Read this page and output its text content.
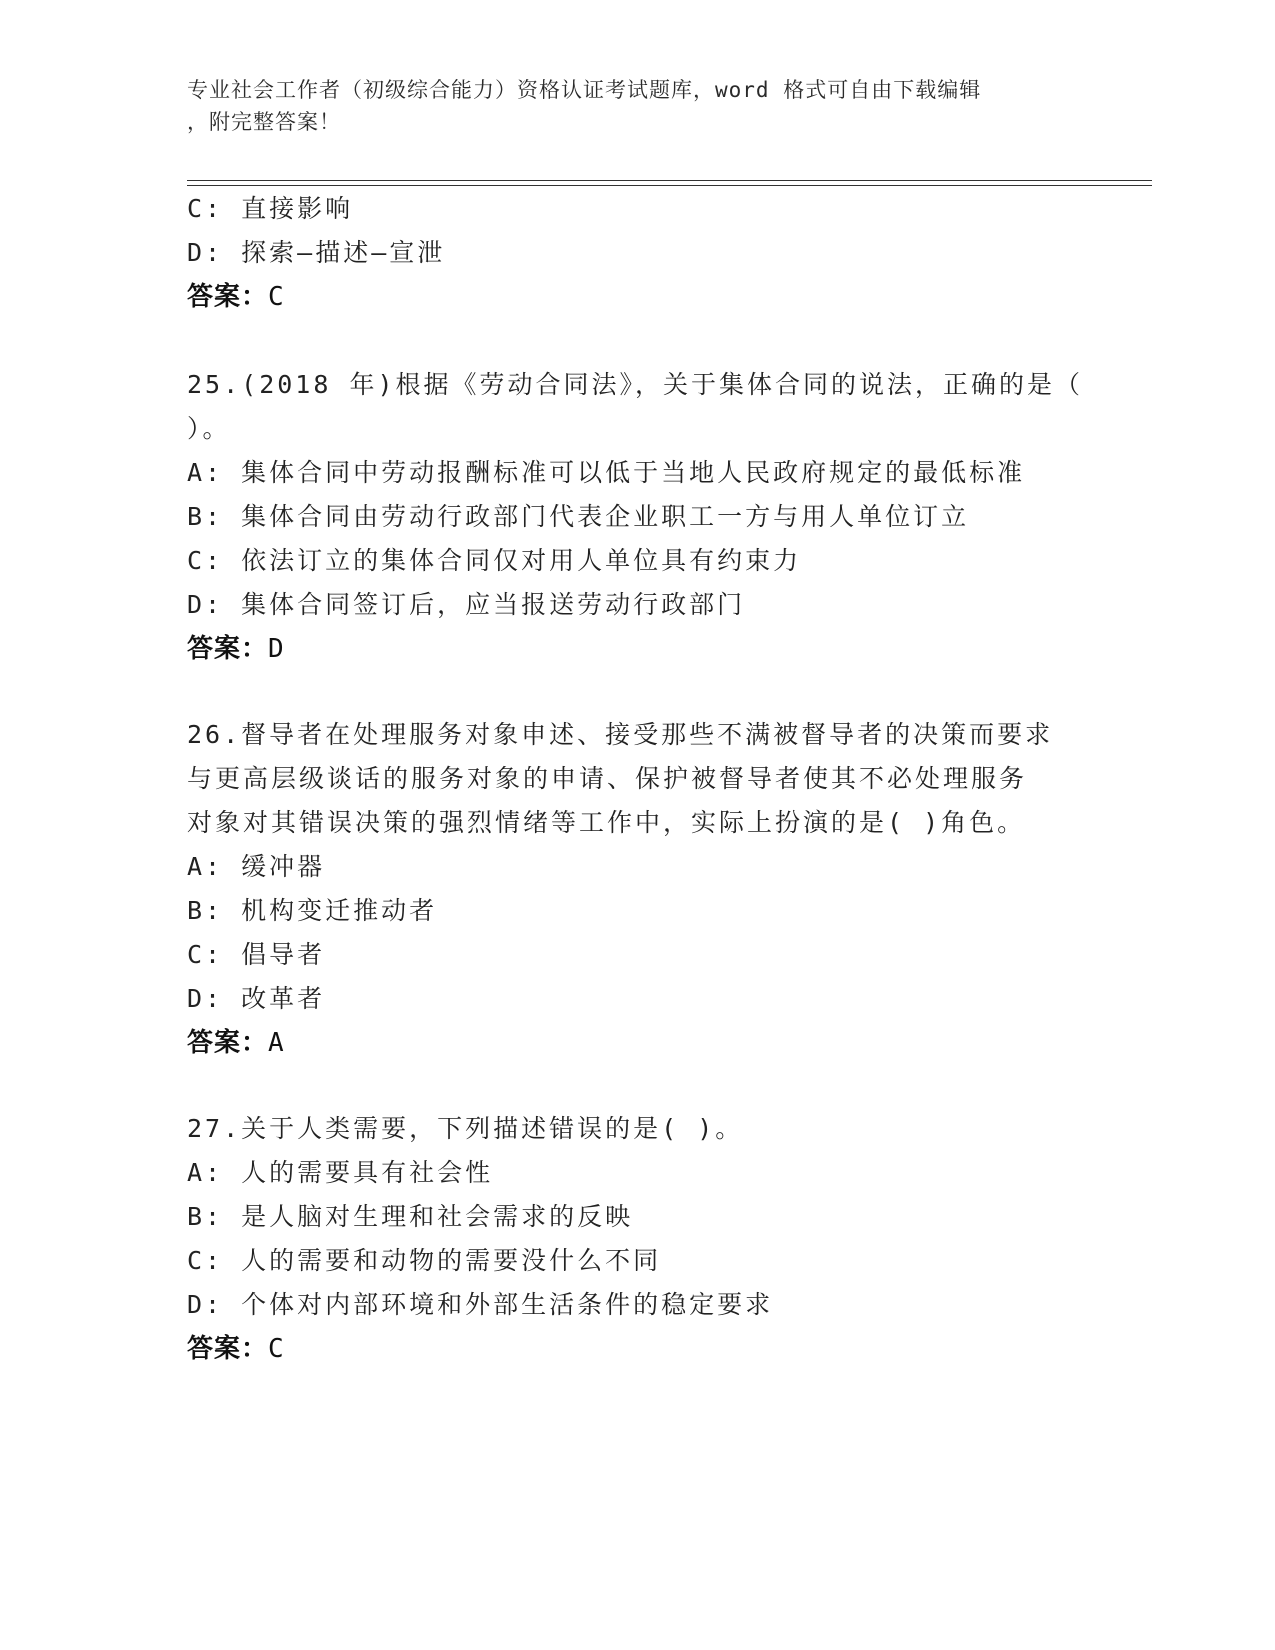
专业社会工作者（初级综合能力）资格认证考试题库，word 格式可自由下载编辑
，附完整答案！
C: 直接影响
D: 探索—描述—宣泄
答案：C
25.(2018 年)根据《劳动合同法》，关于集体合同的说法，正确的是（
）。
A: 集体合同中劳动报酬标准可以低于当地人民政府规定的最低标准
B: 集体合同由劳动行政部门代表企业职工一方与用人单位订立
C: 依法订立的集体合同仅对用人单位具有约束力
D: 集体合同签订后，应当报送劳动行政部门
答案：D
26.督导者在处理服务对象申述、接受那些不满被督导者的决策而要求
与更高层级谈话的服务对象的申请、保护被督导者使其不必处理服务
对象对其错误决策的强烈情绪等工作中，实际上扮演的是( )角色。
A: 缓冲器
B: 机构变迁推动者
C: 倡导者
D: 改革者
答案：A
27.关于人类需要，下列描述错误的是( )。
A: 人的需要具有社会性
B: 是人脑对生理和社会需求的反映
C: 人的需要和动物的需要没什么不同
D: 个体对内部环境和外部生活条件的稳定要求
答案：C
